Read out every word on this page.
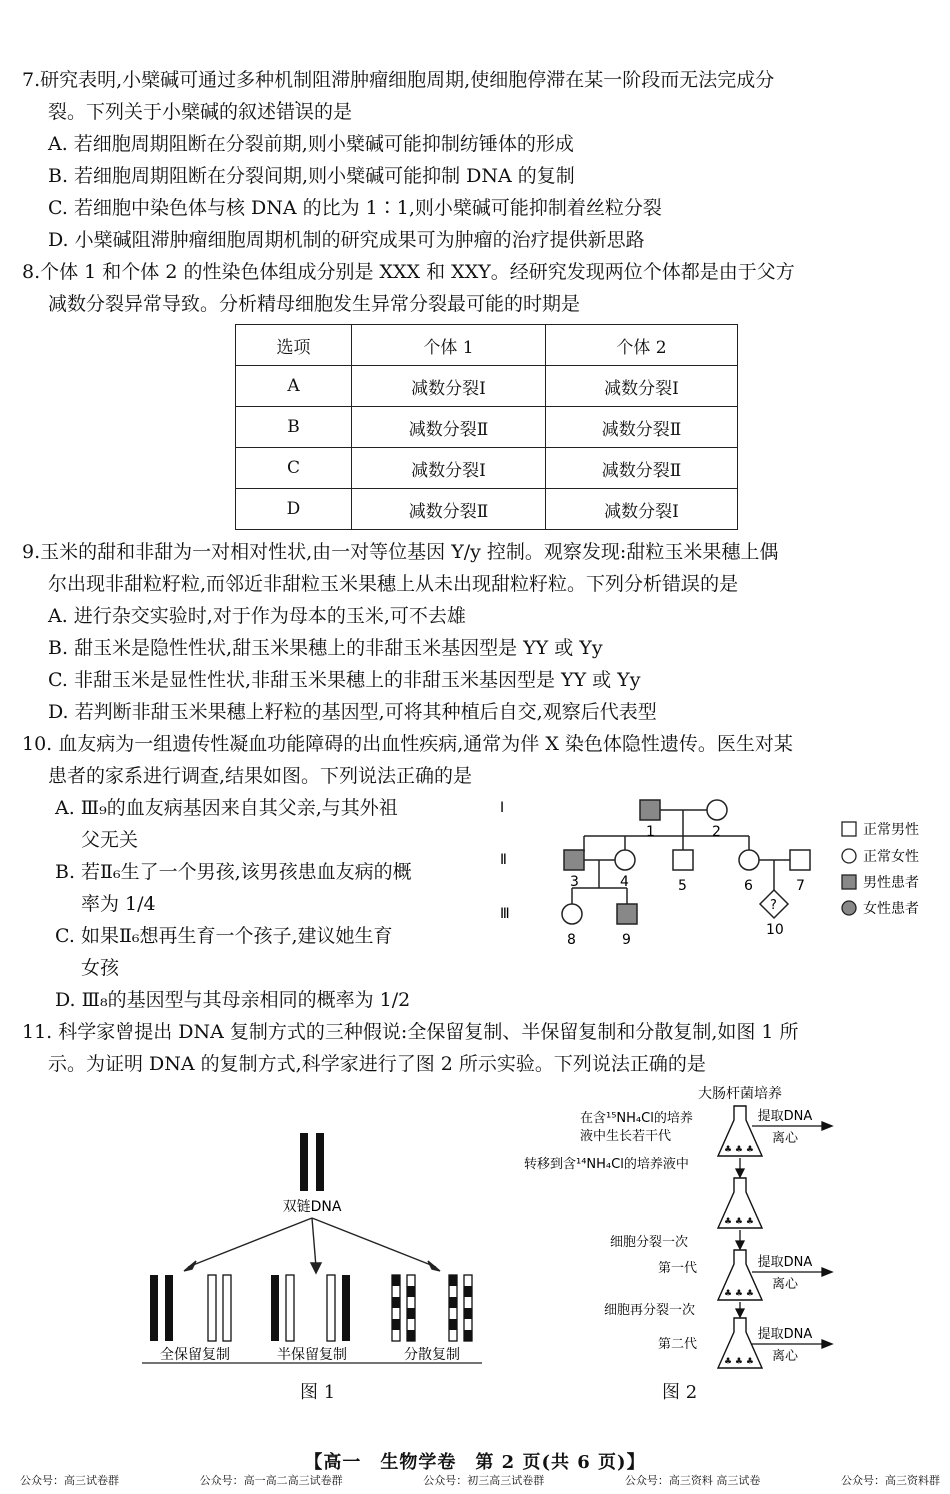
7.研究表明,小檗碱可通过多种机制阻滞肿瘤细胞周期,使细胞停滞在某一阶段而无法完成分
裂。下列关于小檗碱的叙述错误 • •的是
A. 若细胞周期阻断在分裂前期,则小檗碱可能抑制纺锤体的形成
B. 若细胞周期阻断在分裂间期,则小檗碱可能抑制 DNA 的复制
C. 若细胞中染色体与核 DNA 的比为 1∶1,则小檗碱可能抑制着丝粒分裂
D. 小檗碱阻滞肿瘤细胞周期机制的研究成果可为肿瘤的治疗提供新思路
8.个体 1 和个体 2 的性染色体组成分别是 XXX 和 XXY。经研究发现两位个体都是由于父方
减数分裂异常导致。分析精母细胞发生异常分裂最可能的时期是
选项	个体 1	个体 2
A	减数分裂Ⅰ	减数分裂Ⅰ
B	减数分裂Ⅱ	减数分裂Ⅱ
C	减数分裂Ⅰ	减数分裂Ⅱ
D	减数分裂Ⅱ	减数分裂Ⅰ
9.玉米的甜和非甜为一对相对性状,由一对等位基因 Y/y 控制。观察发现:甜粒玉米果穗上偶
尔出现非甜粒籽粒,而邻近非甜粒玉米果穗上从未出现甜粒籽粒。下列分析错误 • •的是
A. 进行杂交实验时,对于作为母本的玉米,可不去雄
B. 甜玉米是隐性性状,甜玉米果穗上的非甜玉米基因型是 YY 或 Yy
C. 非甜玉米是显性性状,非甜玉米果穗上的非甜玉米基因型是 YY 或 Yy
D. 若判断非甜玉米果穗上籽粒的基因型,可将其种植后自交,观察后代表型
10. 血友病为一组遗传性凝血功能障碍的出血性疾病,通常为伴 X 染色体隐性遗传。医生对某
患者的家系进行调查,结果如图。下列说法正确的是
A. Ⅲ₉的血友病基因来自其父亲,与其外祖
父无关
B. 若Ⅱ₆生了一个男孩,该男孩患血友病的概
率为 1/4
C. 如果Ⅱ₆想再生育一个孩子,建议她生育
女孩
D. Ⅲ₈的基因型与其母亲相同的概率为 1/2
Ⅰ
Ⅱ
Ⅲ
1	2
3	4	5	6	7
8	9
10
?
正常男性
正常女性
男性患者
女性患者
11. 科学家曾提出 DNA 复制方式的三种假说:全保留复制、半保留复制和分散复制,如图 1 所
示。为证明 DNA 的复制方式,科学家进行了图 2 所示实验。下列说法正确的是
双链DNA
全保留复制	半保留复制	分散复制
图 1
大肠杆菌培养
在含¹⁵NH₄Cl的培养
液中生长若干代
♣ ♣ ♣
♣ ♣ ♣
♣ ♣ ♣
♣ ♣ ♣
提取DNA
离心
转移到含¹⁴NH₄Cl的培养液中
细胞分裂一次
第一代	提取DNA
离心
细胞再分裂一次
第二代
提取DNA
离心
图 2
【高一　生物学卷　第 2 页(共 6 页)】
公众号：高三试卷群	公众号：高一高二高三试卷群	公众号：初三高三试卷群	公众号：高三资料 高三试卷	公众号：高三资料群
